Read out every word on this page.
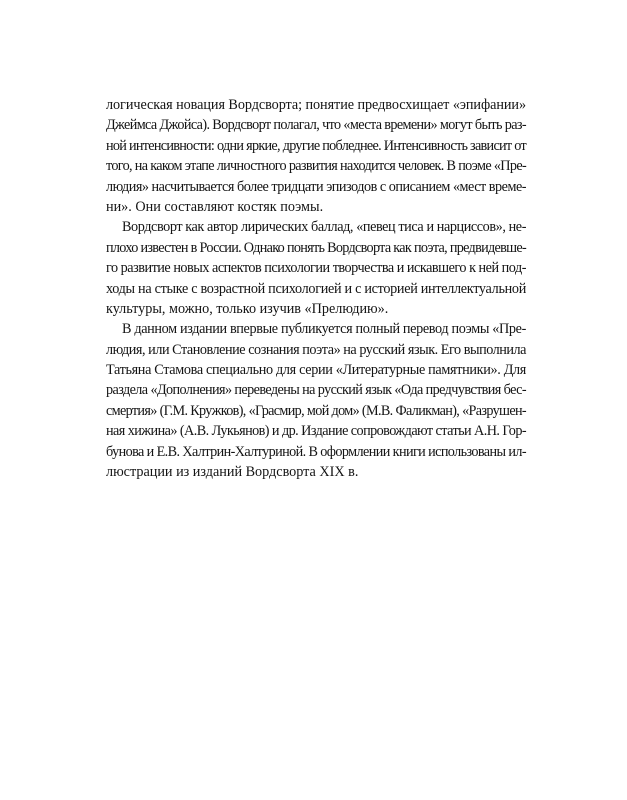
логическая новация Вордсворта; понятие предвосхищает «эпифании»
Джеймса Джойса). Вордсворт полагал, что «места времени» могут быть раз-
ной интенсивности: одни яркие, другие побледнее. Интенсивность зависит от
того, на каком этапе личностного развития находится человек. В поэме «Пре-
людия» насчитывается более тридцати эпизодов с описанием «мест време-
ни». Они составляют костяк поэмы.
Вордсворт как автор лирических баллад, «певец тиса и нарциссов», не-
плохо известен в России. Однако понять Вордсворта как поэта, предвидевше-
го развитие новых аспектов психологии творчества и искавшего к ней под-
ходы на стыке с возрастной психологией и с историей интеллектуальной
культуры, можно, только изучив «Прелюдию».
В данном издании впервые публикуется полный перевод поэмы «Пре-
людия, или Становление сознания поэта» на русский язык. Его выполнила
Татьяна Стамова специально для серии «Литературные памятники». Для
раздела «Дополнения» переведены на русский язык «Ода предчувствия бес-
смертия» (Г.М. Кружков), «Грасмир, мой дом» (М.В. Фаликман), «Разрушен-
ная хижина» (А.В. Лукьянов) и др. Издание сопровождают статьи А.Н. Гор-
бунова и Е.В. Халтрин-Халтуриной. В оформлении книги использованы ил-
люстрации из изданий Вордсворта XIX в.
